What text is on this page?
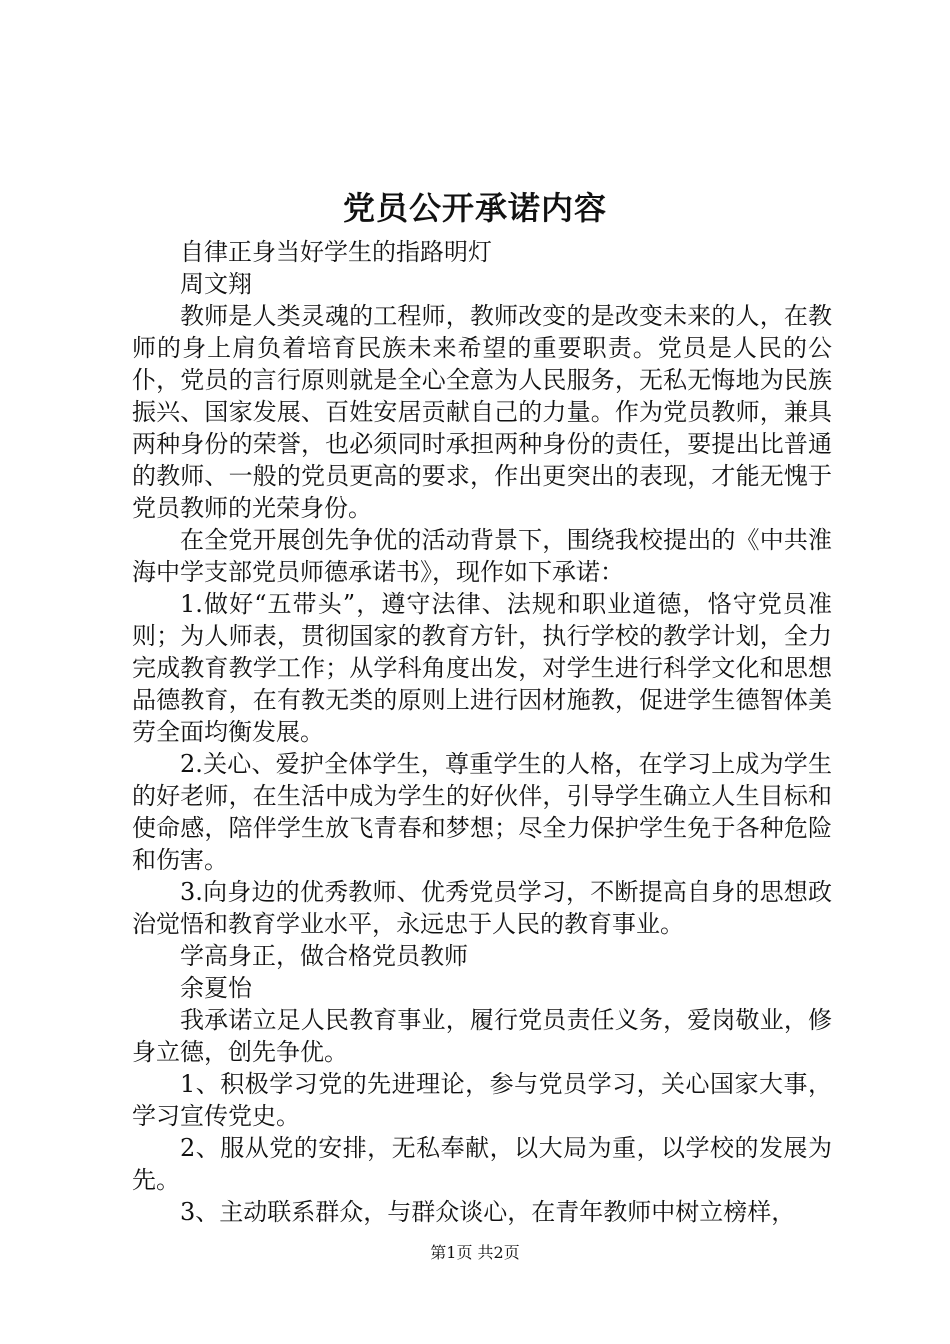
党员公开承诺内容

自律正身当好学生的指路明灯

周文翔

教师是人类灵魂的工程师，教师改变的是改变未来的人，在教师的身上肩负着培育民族未来希望的重要职责。党员是人民的公仆，党员的言行原则就是全心全意为人民服务，无私无悔地为民族振兴、国家发展、百姓安居贡献自己的力量。作为党员教师，兼具两种身份的荣誉，也必须同时承担两种身份的责任，要提出比普通的教师、一般的党员更高的要求，作出更突出的表现，才能无愧于党员教师的光荣身份。

在全党开展创先争优的活动背景下，围绕我校提出的《中共淮海中学支部党员师德承诺书》，现作如下承诺：

1.做好“五带头”，遵守法律、法规和职业道德，恪守党员准则；为人师表，贯彻国家的教育方针，执行学校的教学计划，全力完成教育教学工作；从学科角度出发，对学生进行科学文化和思想品德教育，在有教无类的原则上进行因材施教，促进学生德智体美劳全面均衡发展。

2.关心、爱护全体学生，尊重学生的人格，在学习上成为学生的好老师，在生活中成为学生的好伙伴，引导学生确立人生目标和使命感，陪伴学生放飞青春和梦想；尽全力保护学生免于各种危险和伤害。

3.向身边的优秀教师、优秀党员学习，不断提高自身的思想政治觉悟和教育学业水平，永远忠于人民的教育事业。

学高身正，做合格党员教师

余夏怡

我承诺立足人民教育事业，履行党员责任义务，爱岗敬业，修身立德，创先争优。

1、积极学习党的先进理论，参与党员学习，关心国家大事，学习宣传党史。

2、服从党的安排，无私奉献，以大局为重，以学校的发展为先。

3、主动联系群众，与群众谈心，在青年教师中树立榜样，

第1页 共2页
